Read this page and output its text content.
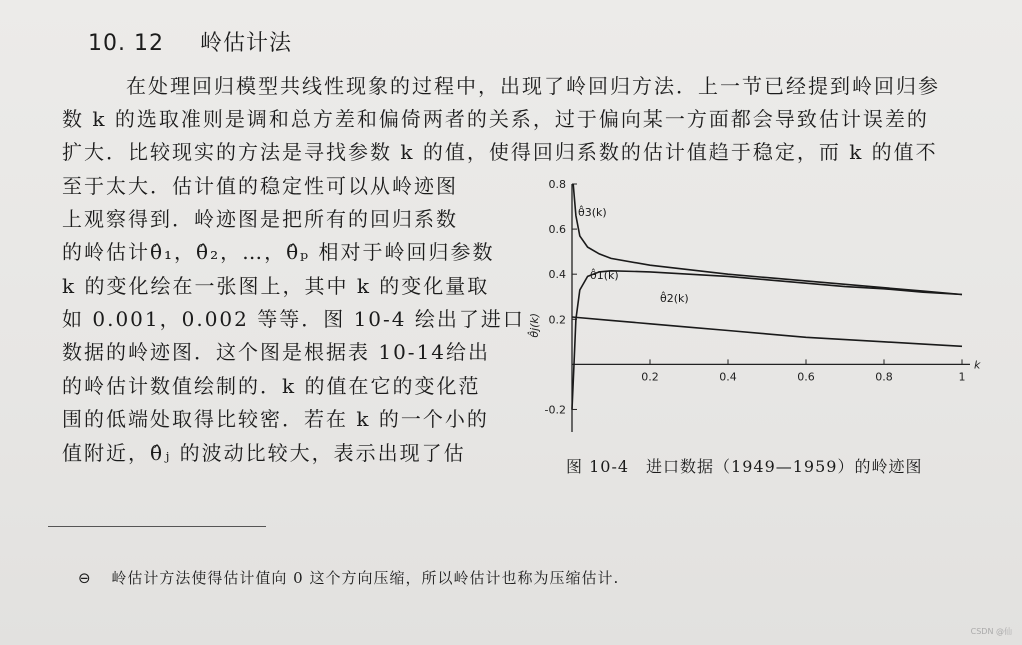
10. 12 岭估计法
在处理回归模型共线性现象的过程中，出现了岭回归方法．上一节已经提到岭回归参
数 k 的选取准则是调和总方差和偏倚两者的关系，过于偏向某一方面都会导致估计误差的
扩大．比较现实的方法是寻找参数 k 的值，使得回归系数的估计值趋于稳定，而 k 的值不
至于太大．估计值的稳定性可以从岭迹图
上观察得到．岭迹图是把所有的回归系数
的岭估计θ̂₁，θ̂₂，…，θ̂ₚ 相对于岭回归参数
k 的变化绘在一张图上，其中 k 的变化量取
如 0.001，0.002 等等．图 10-4 绘出了进口
数据的岭迹图．这个图是根据表 10-14给出
的岭估计数值绘制的．k 的值在它的变化范
围的低端处取得比较密．若在 k 的一个小的
值附近，θ̂ⱼ 的波动比较大，表示出现了估
0.2	0.4	0.6	0.8	1
0.8
0.6
0.4
0.2
-0.2
k
θ̂j(k)
θ̂3(k)
θ̂1(k)
θ̂2(k)
图 10-4　进口数据（1949—1959）的岭迹图
⊖ 岭估计方法使得估计值向 0 这个方向压缩，所以岭估计也称为压缩估计.
CSDN @仙
